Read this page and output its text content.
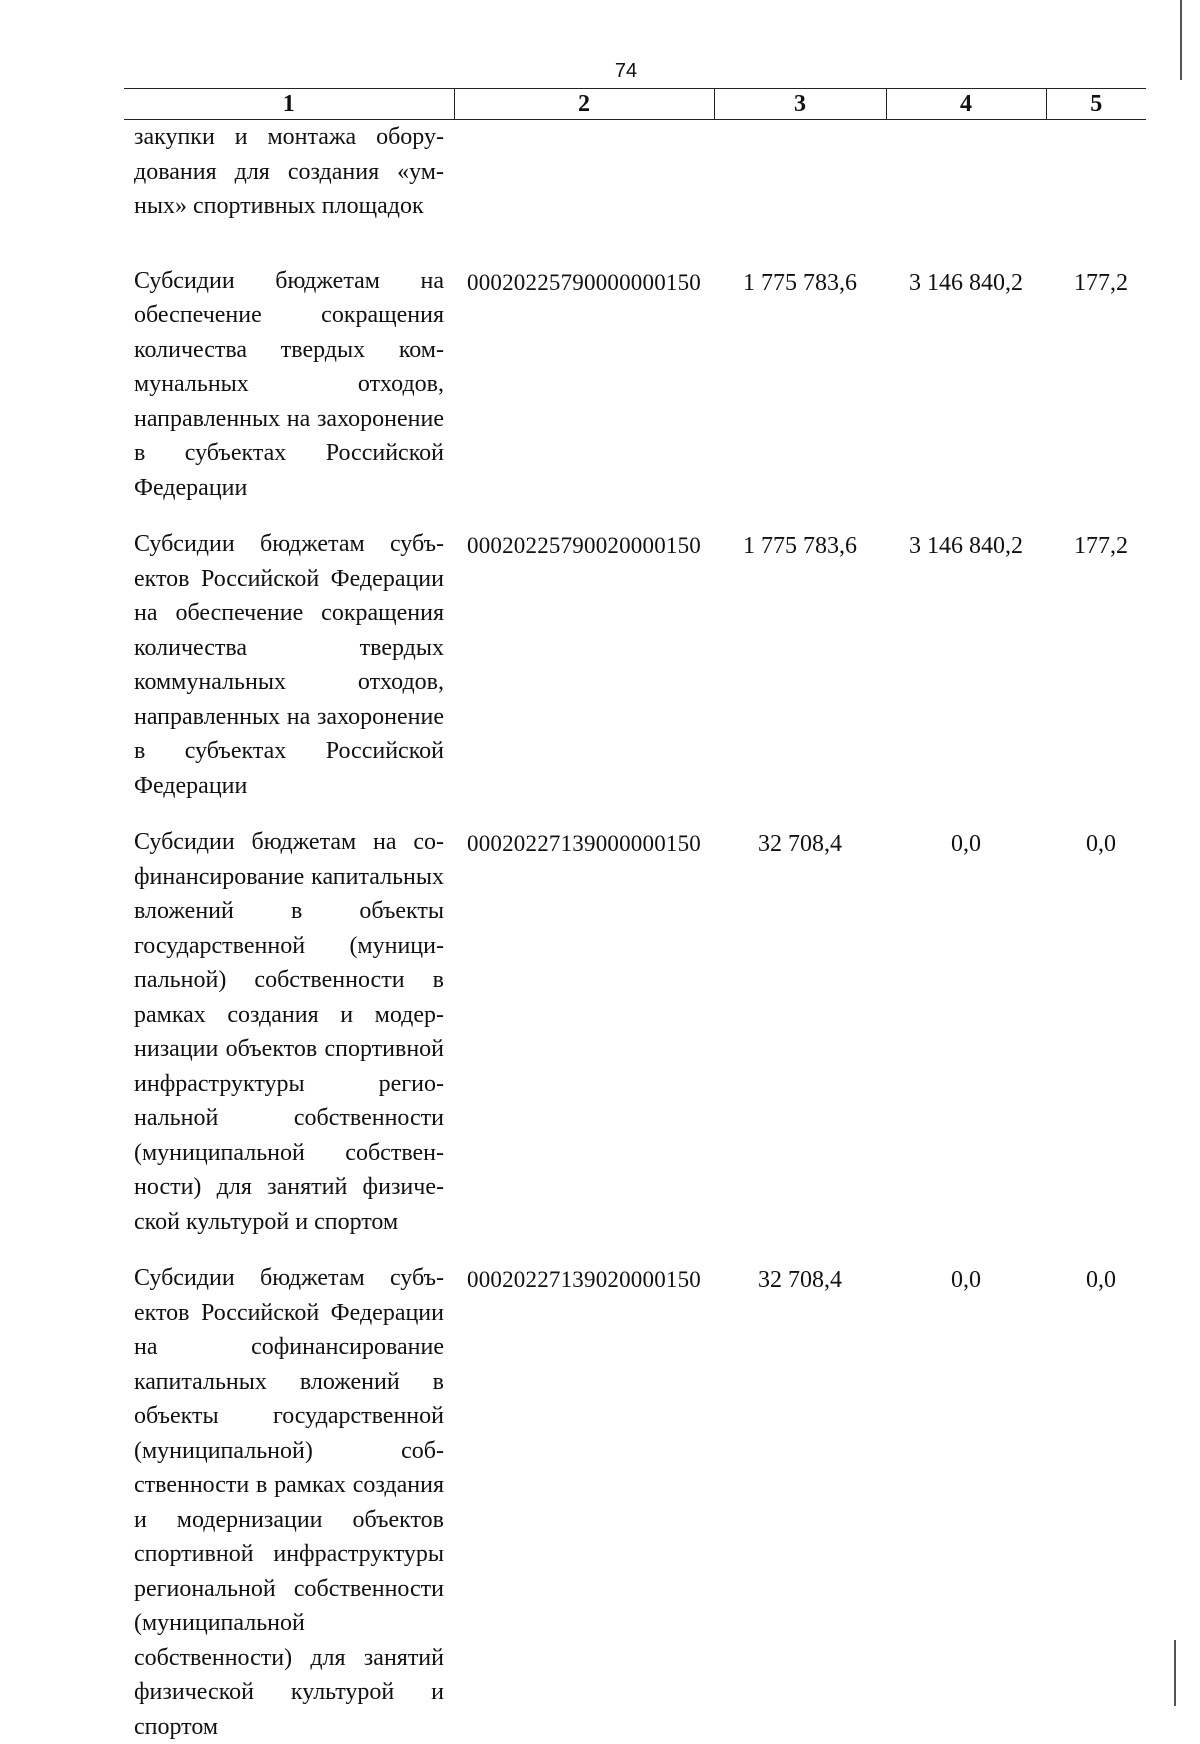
74
1	2	3	4	5
закупки и монтажа оборудования для создания «умных» спортивных площадок				
Субсидии бюджетам на обеспечение сокращения количества твердых коммунальных отходов, направленных на захоронение в субъектах Российской Федерации	00020225790000000150	1 775 783,6	3 146 840,2	177,2
Субсидии бюджетам субъектов Российской Федерации на обеспечение сокращения количества твердых коммунальных отходов, направленных на захоронение в субъектах Российской Федерации	00020225790020000150	1 775 783,6	3 146 840,2	177,2
Субсидии бюджетам на софинансирование капитальных вложений в объекты государственной (муниципальной) собственности в рамках создания и модернизации объектов спортивной инфраструктуры региональной собственности (муниципальной собственности) для занятий физической культурой и спортом	00020227139000000150	32 708,4	0,0	0,0
Субсидии бюджетам субъектов Российской Федерации на софинансирование капитальных вложений в объекты государственной (муниципальной) собственности в рамках создания и модернизации объектов спортивной инфраструктуры региональной собственности (муниципальной собственности) для занятий физической культурой и спортом	00020227139020000150	32 708,4	0,0	0,0
